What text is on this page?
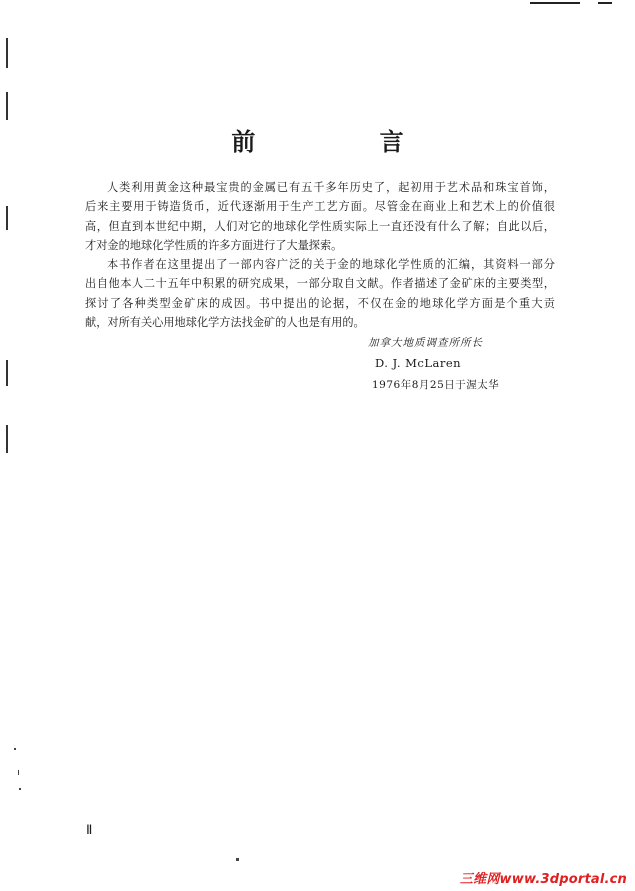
前 言

人类利用黄金这种最宝贵的金属已有五千多年历史了，起初用于艺术品和珠宝首饰，
后来主要用于铸造货币，近代逐渐用于生产工艺方面。尽管金在商业上和艺术上的价值很
高，但直到本世纪中期，人们对它的地球化学性质实际上一直还没有什么了解；自此以后，
才对金的地球化学性质的许多方面进行了大量探索。

本书作者在这里提出了一部内容广泛的关于金的地球化学性质的汇编，其资料一部分
出自他本人二十五年中积累的研究成果，一部分取自文献。作者描述了金矿床的主要类型，
探讨了各种类型金矿床的成因。书中提出的论据，不仅在金的地球化学方面是个重大贡
献，对所有关心用地球化学方法找金矿的人也是有用的。

加拿大地质调查所所长
D. J. McLaren
1976年8月25日于渥太华
Ⅱ
三维网www.3dportal.cn
